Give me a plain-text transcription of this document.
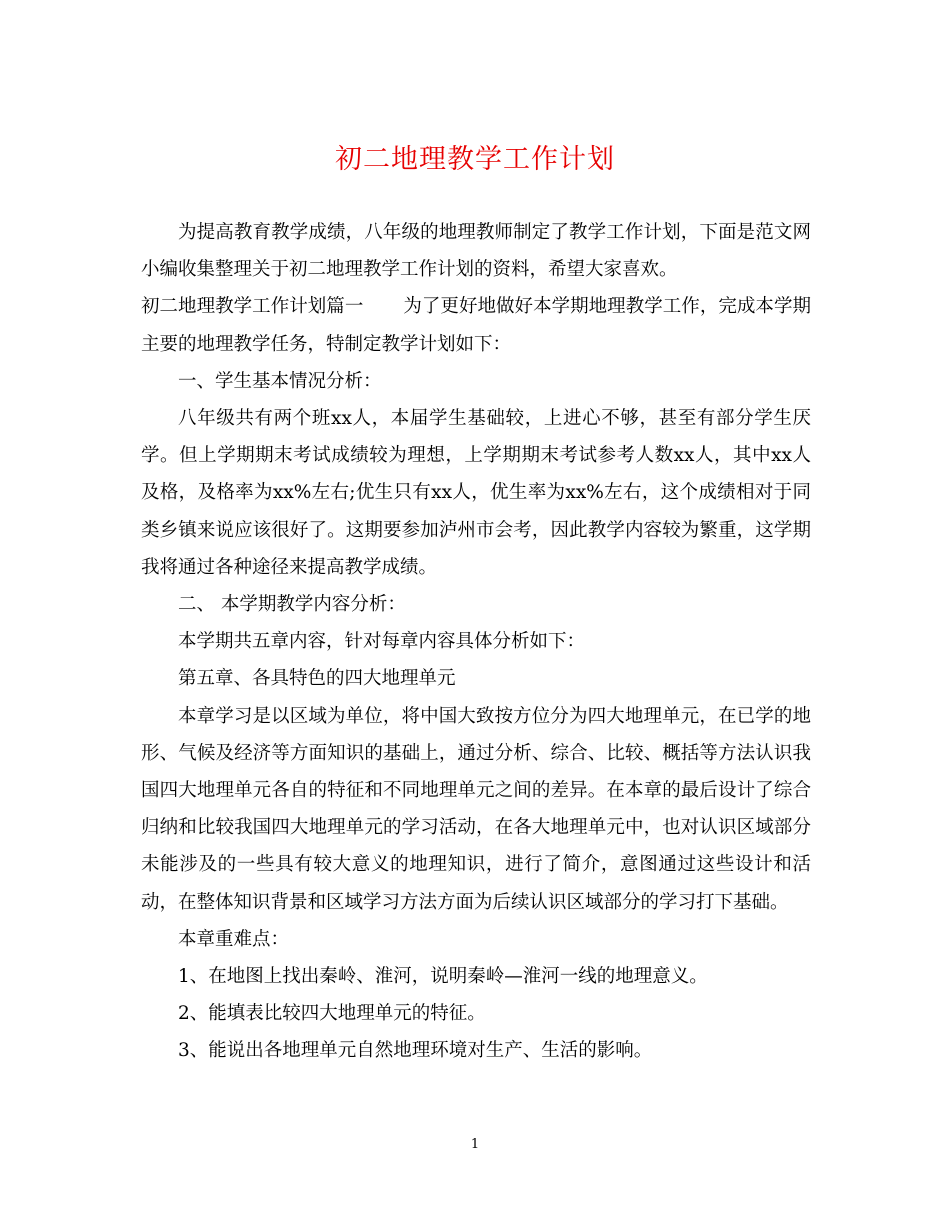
初二地理教学工作计划

为提高教育教学成绩，八年级的地理教师制定了教学工作计划，下面是范文网小编收集整理关于初二地理教学工作计划的资料，希望大家喜欢。

初二地理教学工作计划篇一 为了更好地做好本学期地理教学工作，完成本学期主要的地理教学任务，特制定教学计划如下：

一、学生基本情况分析：

八年级共有两个班xx人，本届学生基础较，上进心不够，甚至有部分学生厌学。但上学期期末考试成绩较为理想，上学期期末考试参考人数xx人，其中xx人及格，及格率为xx%左右;优生只有xx人，优生率为xx%左右，这个成绩相对于同类乡镇来说应该很好了。这期要参加泸州市会考，因此教学内容较为繁重，这学期我将通过各种途径来提高教学成绩。

二、 本学期教学内容分析：

本学期共五章内容，针对每章内容具体分析如下：

第五章、各具特色的四大地理单元

本章学习是以区域为单位，将中国大致按方位分为四大地理单元，在已学的地形、气候及经济等方面知识的基础上，通过分析、综合、比较、概括等方法认识我国四大地理单元各自的特征和不同地理单元之间的差异。在本章的最后设计了综合归纳和比较我国四大地理单元的学习活动，在各大地理单元中，也对认识区域部分未能涉及的一些具有较大意义的地理知识，进行了简介，意图通过这些设计和活动，在整体知识背景和区域学习方法方面为后续认识区域部分的学习打下基础。

本章重难点：

1、在地图上找出秦岭、淮河，说明秦岭—淮河一线的地理意义。

2、能填表比较四大地理单元的特征。

3、能说出各地理单元自然地理环境对生产、生活的影响。

1
